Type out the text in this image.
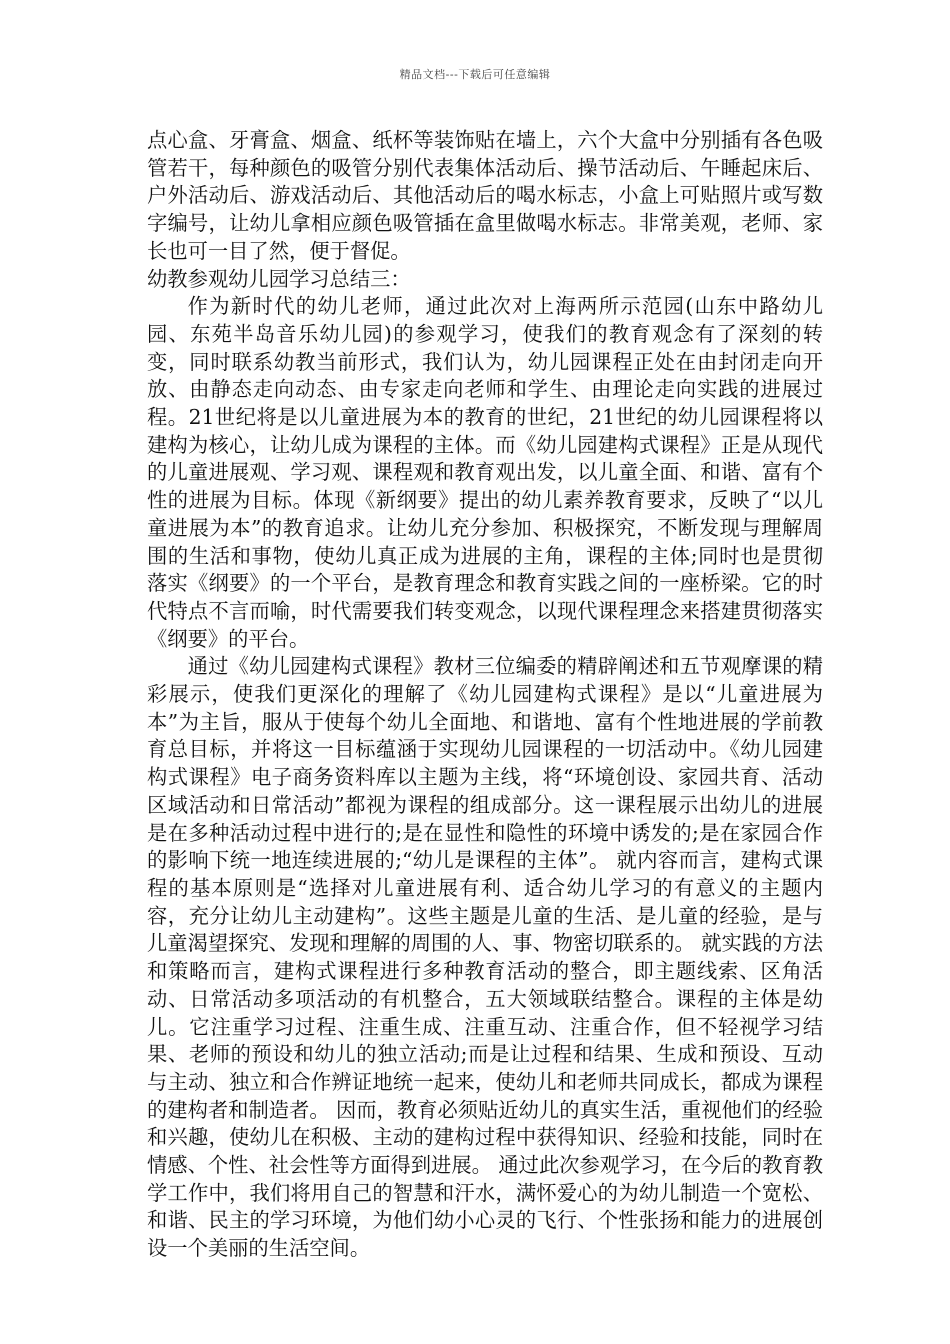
精品文档---下载后可任意编辑

点心盒、牙膏盒、烟盒、纸杯等装饰贴在墙上，六个大盒中分别插有各色吸管若干，每种颜色的吸管分别代表集体活动后、操节活动后、午睡起床后、户外活动后、游戏活动后、其他活动后的喝水标志，小盒上可贴照片或写数字编号，让幼儿拿相应颜色吸管插在盒里做喝水标志。非常美观，老师、家长也可一目了然，便于督促。

幼教参观幼儿园学习总结三：

作为新时代的幼儿老师，通过此次对上海两所示范园(山东中路幼儿园、东苑半岛音乐幼儿园)的参观学习，使我们的教育观念有了深刻的转变，同时联系幼教当前形式，我们认为，幼儿园课程正处在由封闭走向开放、由静态走向动态、由专家走向老师和学生、由理论走向实践的进展过程。21世纪将是以儿童进展为本的教育的世纪，21世纪的幼儿园课程将以建构为核心，让幼儿成为课程的主体。而《幼儿园建构式课程》正是从现代的儿童进展观、学习观、课程观和教育观出发，以儿童全面、和谐、富有个性的进展为目标。体现《新纲要》提出的幼儿素养教育要求，反映了“以儿童进展为本”的教育追求。让幼儿充分参加、积极探究，不断发现与理解周围的生活和事物，使幼儿真正成为进展的主角，课程的主体;同时也是贯彻落实《纲要》的一个平台，是教育理念和教育实践之间的一座桥梁。它的时代特点不言而喻，时代需要我们转变观念，以现代课程理念来搭建贯彻落实《纲要》的平台。

通过《幼儿园建构式课程》教材三位编委的精辟阐述和五节观摩课的精彩展示，使我们更深化的理解了《幼儿园建构式课程》是以“儿童进展为本”为主旨，服从于使每个幼儿全面地、和谐地、富有个性地进展的学前教育总目标，并将这一目标蕴涵于实现幼儿园课程的一切活动中。《幼儿园建构式课程》电子商务资料库以主题为主线，将“环境创设、家园共育、活动区域活动和日常活动”都视为课程的组成部分。这一课程展示出幼儿的进展是在多种活动过程中进行的;是在显性和隐性的环境中诱发的;是在家园合作的影响下统一地连续进展的;“幼儿是课程的主体”。 就内容而言，建构式课程的基本原则是“选择对儿童进展有利、适合幼儿学习的有意义的主题内容，充分让幼儿主动建构”。这些主题是儿童的生活、是儿童的经验，是与儿童渴望探究、发现和理解的周围的人、事、物密切联系的。 就实践的方法和策略而言，建构式课程进行多种教育活动的整合，即主题线索、区角活动、日常活动多项活动的有机整合，五大领域联结整合。课程的主体是幼儿。它注重学习过程、注重生成、注重互动、注重合作，但不轻视学习结果、老师的预设和幼儿的独立活动;而是让过程和结果、生成和预设、互动与主动、独立和合作辨证地统一起来，使幼儿和老师共同成长，都成为课程的建构者和制造者。 因而，教育必须贴近幼儿的真实生活，重视他们的经验和兴趣，使幼儿在积极、主动的建构过程中获得知识、经验和技能，同时在情感、个性、社会性等方面得到进展。 通过此次参观学习，在今后的教育教学工作中，我们将用自己的智慧和汗水，满怀爱心的为幼儿制造一个宽松、和谐、民主的学习环境，为他们幼小心灵的飞行、个性张扬和能力的进展创设一个美丽的生活空间。
